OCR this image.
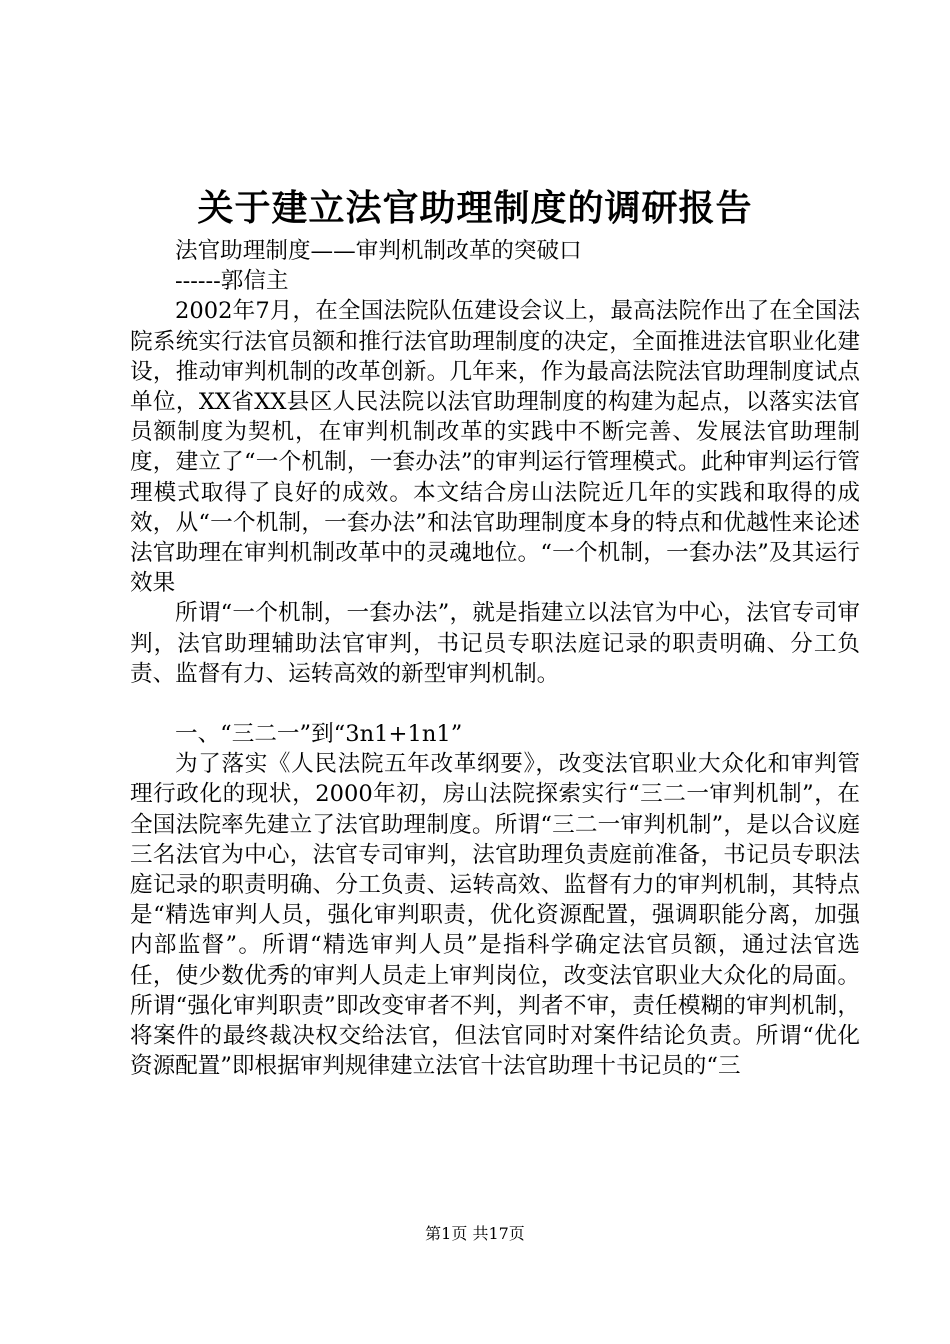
关于建立法官助理制度的调研报告

法官助理制度——审判机制改革的突破口

------郭信主

2002年7月，在全国法院队伍建设会议上，最高法院作出了在全国法院系统实行法官员额和推行法官助理制度的决定，全面推进法官职业化建设，推动审判机制的改革创新。几年来，作为最高法院法官助理制度试点单位，XX省XX县区人民法院以法官助理制度的构建为起点，以落实法官员额制度为契机，在审判机制改革的实践中不断完善、发展法官助理制度，建立了“一个机制，一套办法”的审判运行管理模式。此种审判运行管理模式取得了良好的成效。本文结合房山法院近几年的实践和取得的成效，从“一个机制，一套办法”和法官助理制度本身的特点和优越性来论述法官助理在审判机制改革中的灵魂地位。“一个机制，一套办法”及其运行效果

所谓“一个机制，一套办法”，就是指建立以法官为中心，法官专司审判，法官助理辅助法官审判，书记员专职法庭记录的职责明确、分工负责、监督有力、运转高效的新型审判机制。

一、“三二一”到“3n1+1n1”

为了落实《人民法院五年改革纲要》，改变法官职业大众化和审判管理行政化的现状，2000年初，房山法院探索实行“三二一审判机制”，在全国法院率先建立了法官助理制度。所谓“三二一审判机制”，是以合议庭三名法官为中心，法官专司审判，法官助理负责庭前准备，书记员专职法庭记录的职责明确、分工负责、运转高效、监督有力的审判机制，其特点是“精选审判人员，强化审判职责，优化资源配置，强调职能分离，加强内部监督”。所谓“精选审判人员”是指科学确定法官员额，通过法官选任，使少数优秀的审判人员走上审判岗位，改变法官职业大众化的局面。所谓“强化审判职责”即改变审者不判，判者不审，责任模糊的审判机制，将案件的最终裁决权交给法官，但法官同时对案件结论负责。所谓“优化资源配置”即根据审判规律建立法官十法官助理十书记员的“三

第1页 共17页
